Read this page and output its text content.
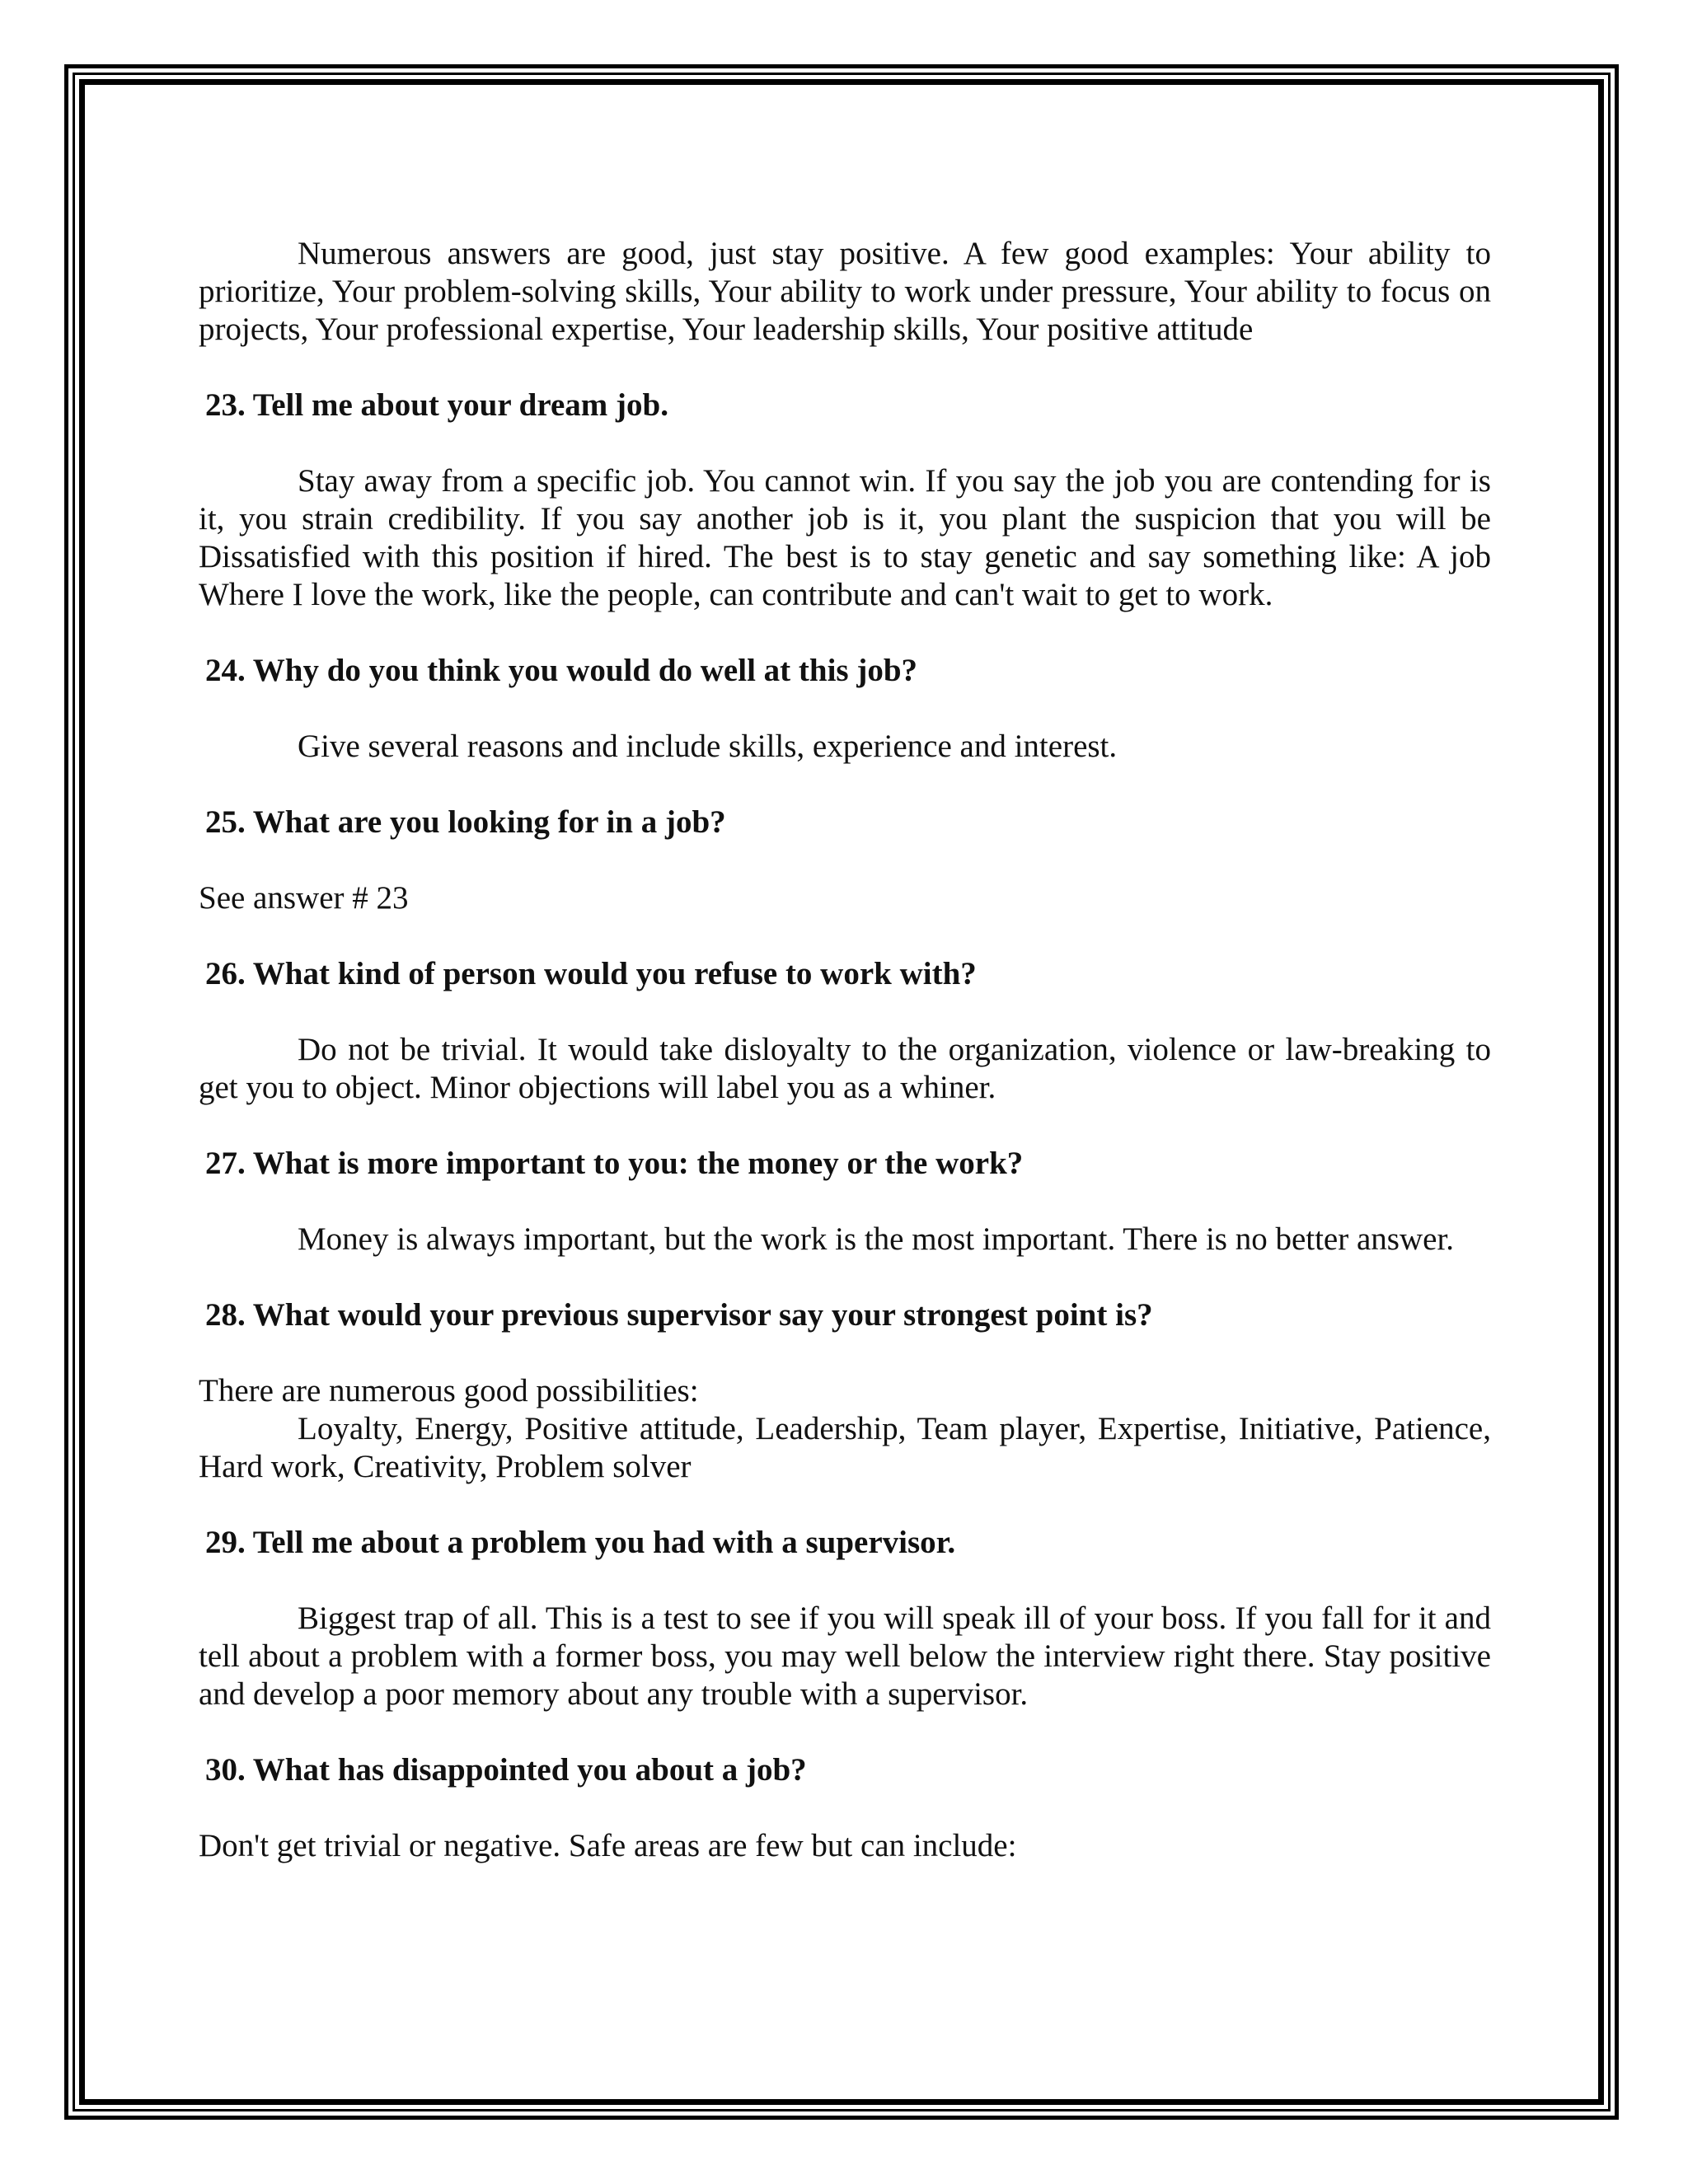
Numerous answers are good, just stay positive. A few good examples: Your ability to prioritize, Your problem-solving skills, Your ability to work under pressure, Your ability to focus on projects, Your professional expertise, Your leadership skills, Your positive attitude

23. Tell me about your dream job.

Stay away from a specific job. You cannot win. If you say the job you are contending for is it, you strain credibility. If you say another job is it, you plant the suspicion that you will be Dissatisfied with this position if hired. The best is to stay genetic and say something like: A job Where I love the work, like the people, can contribute and can't wait to get to work.

24. Why do you think you would do well at this job?

Give several reasons and include skills, experience and interest.

25. What are you looking for in a job?

See answer # 23

26. What kind of person would you refuse to work with?

Do not be trivial. It would take disloyalty to the organization, violence or law-breaking to get you to object. Minor objections will label you as a whiner.

27. What is more important to you: the money or the work?

Money is always important, but the work is the most important. There is no better answer.

28. What would your previous supervisor say your strongest point is?

There are numerous good possibilities:

Loyalty, Energy, Positive attitude, Leadership, Team player, Expertise, Initiative, Patience, Hard work, Creativity, Problem solver

29. Tell me about a problem you had with a supervisor.

Biggest trap of all. This is a test to see if you will speak ill of your boss. If you fall for it and tell about a problem with a former boss, you may well below the interview right there. Stay positive and develop a poor memory about any trouble with a supervisor.

30. What has disappointed you about a job?

Don't get trivial or negative. Safe areas are few but can include:
